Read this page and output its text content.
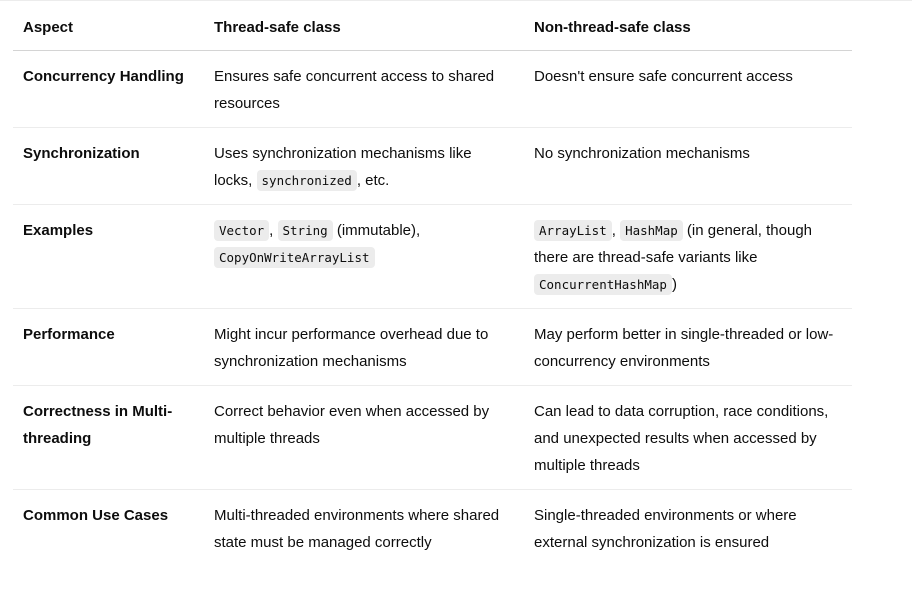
Aspect	Thread-safe class	Non-thread-safe class
Concurrency Handling	Ensures safe concurrent access to shared resources	Doesn't ensure safe concurrent access
Synchronization	Uses synchronization mechanisms like locks, synchronized , etc.	No synchronization mechanisms
Examples	Vector , String (immutable), CopyOnWriteArrayList	ArrayList , HashMap (in general, though there are thread-safe variants like ConcurrentHashMap )
Performance	Might incur performance overhead due to synchronization mechanisms	May perform better in single-threaded or low-concurrency environments
Correctness in Multi-threading	Correct behavior even when accessed by multiple threads	Can lead to data corruption, race conditions, and unexpected results when accessed by multiple threads
Common Use Cases	Multi-threaded environments where shared state must be managed correctly	Single-threaded environments or where external synchronization is ensured
